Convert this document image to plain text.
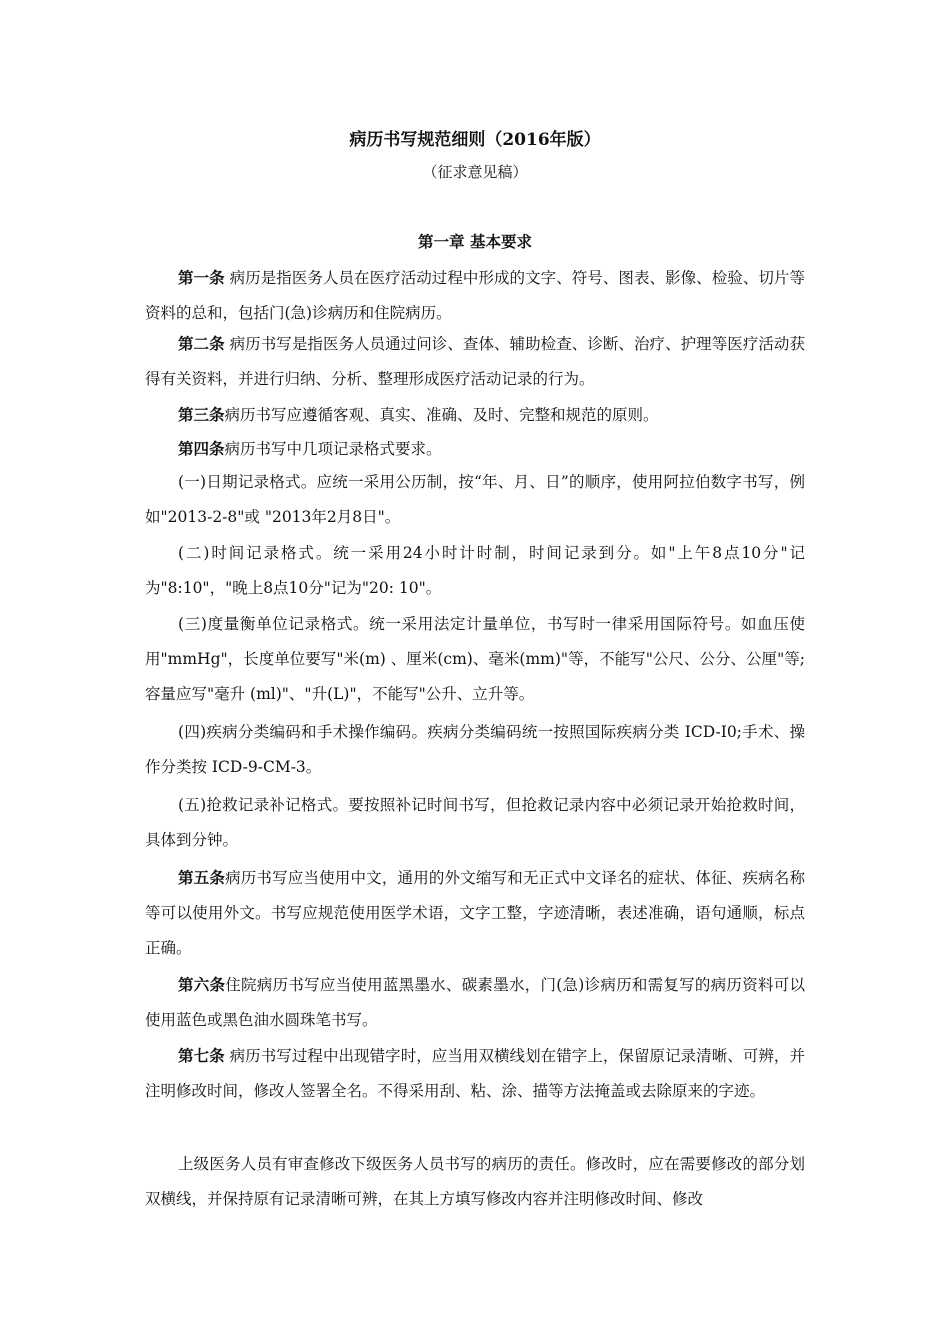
病历书写规范细则（2016年版）
（征求意见稿）
第一章 基本要求
第一条 病历是指医务人员在医疗活动过程中形成的文字、符号、图表、影像、检验、切片等资料的总和，包括门(急)诊病历和住院病历。
第二条 病历书写是指医务人员通过问诊、查体、辅助检查、诊断、治疗、护理等医疗活动获得有关资料，并进行归纳、分析、整理形成医疗活动记录的行为。
第三条病历书写应遵循客观、真实、准确、及时、完整和规范的原则。
第四条病历书写中几项记录格式要求。
(一)日期记录格式。应统一采用公历制，按“年、月、日”的顺序，使用阿拉伯数字书写，例如"2013-2-8"或 "2013年2月8日"。
(二)时间记录格式。统一采用24小时计时制，时间记录到分。如"上午8点10分"记为"8:10"，"晚上8点10分"记为"20: 10"。
(三)度量衡单位记录格式。统一采用法定计量单位，书写时一律采用国际符号。如血压使用"mmHg"，长度单位要写"米(m) 、厘米(cm)、毫米(mm)"等，不能写"公尺、公分、公厘"等;容量应写"毫升 (ml)"、"升(L)"，不能写"公升、立升等。
(四)疾病分类编码和手术操作编码。疾病分类编码统一按照国际疾病分类 ICD-I0;手术、操作分类按 ICD-9-CM-3。
(五)抢救记录补记格式。要按照补记时间书写，但抢救记录内容中必须记录开始抢救时间，具体到分钟。
第五条病历书写应当使用中文，通用的外文缩写和无正式中文译名的症状、体征、疾病名称等可以使用外文。书写应规范使用医学术语，文字工整，字迹清晰，表述准确，语句通顺，标点正确。
第六条住院病历书写应当使用蓝黑墨水、碳素墨水，门(急)诊病历和需复写的病历资料可以使用蓝色或黑色油水圆珠笔书写。
第七条 病历书写过程中出现错字时，应当用双横线划在错字上，保留原记录清晰、可辨，并注明修改时间，修改人签署全名。不得采用刮、粘、涂、描等方法掩盖或去除原来的字迹。
上级医务人员有审查修改下级医务人员书写的病历的责任。修改时，应在需要修改的部分划双横线，并保持原有记录清晰可辨，在其上方填写修改内容并注明修改时间、修改
